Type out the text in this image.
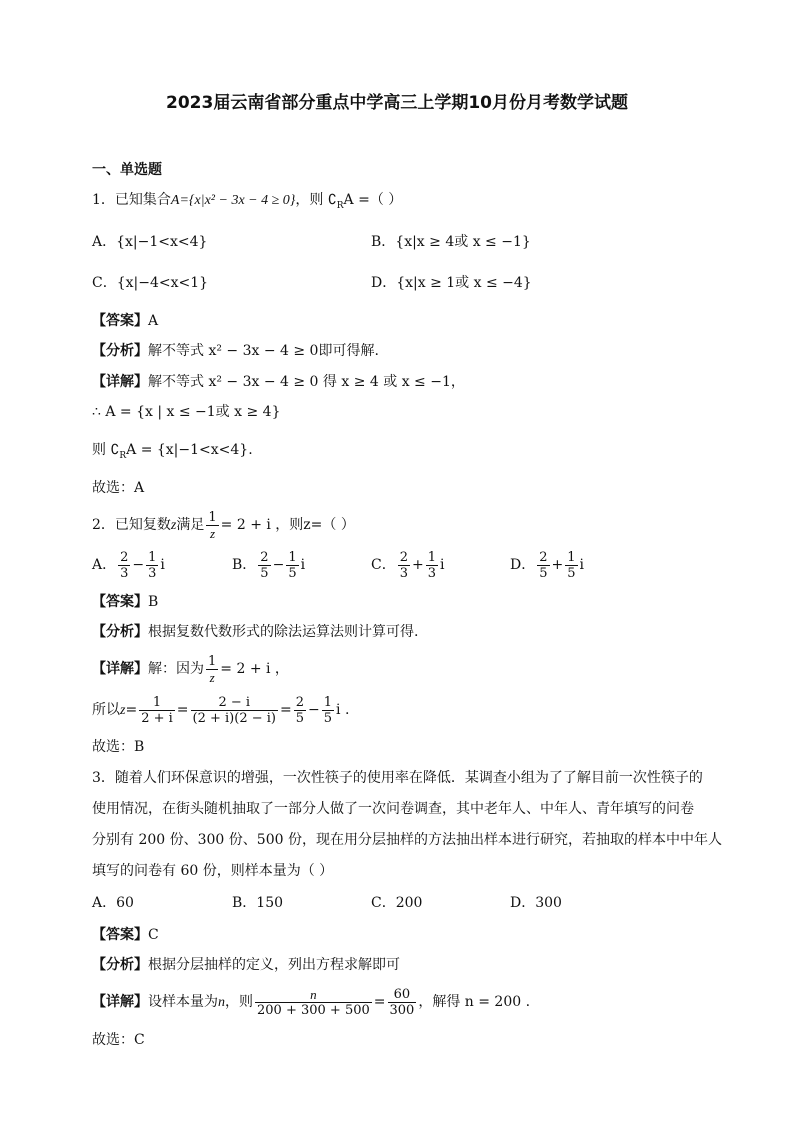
2023届云南省部分重点中学高三上学期10月份月考数学试题
一、单选题
1．已知集合A={x|x² − 3x − 4 ≥ 0}，则 $∁_RA$ =（ ）
A．{x|−1<x<4}	B．{x|x ≥ 4或 x ≤ −1}
C．{x|−4<x<1}	D．{x|x ≥ 1或 x ≤ −4}
【答案】A
【分析】解不等式 x² − 3x − 4 ≥ 0即可得解.
【详解】解不等式 x² − 3x − 4 ≥ 0 得 x ≥ 4 或 x ≤ −1，
∴ A = {x | x ≤ −1或 x ≥ 4}
则 $∁_RA = \{x|-1<x<4\}$.
故选：A
2．已知复数z满足 $\frac{1}{z} = 2 + i$ ，则z=（ ）
A． $\frac{2}{3} - \frac{1}{3}$ i	B． $\frac{2}{5} - \frac{1}{5}$ i	C． $\frac{2}{3} + \frac{1}{3}$ i	D． $\frac{2}{5} + \frac{1}{5}$ i
【答案】B
【分析】根据复数代数形式的除法运算法则计算可得.
【详解】解：因为 $\frac{1}{z} = 2 + i$ ，
所以$z= \frac{1}{2 + i} = \frac{2 - i}{(2 + i)(2 - i)} = \frac{2}{5} - \frac{1}{5}$ i .
故选：B
3．随着人们环保意识的增强，一次性筷子的使用率在降低．某调查小组为了了解目前一次性筷子的
使用情况，在街头随机抽取了一部分人做了一次问卷调查，其中老年人、中年人、青年填写的问卷
分别有 200 份、300 份、500 份，现在用分层抽样的方法抽出样本进行研究，若抽取的样本中中年人
填写的问卷有 60 份，则样本量为（ ）
A．60	B．150	C．200	D．300
【答案】C
【分析】根据分层抽样的定义，列出方程求解即可
【详解】设样本量为n，则 $\frac{n}{200 + 300 + 500} = \frac{60}{300}$ ，解得 n = 200 .
故选：C
